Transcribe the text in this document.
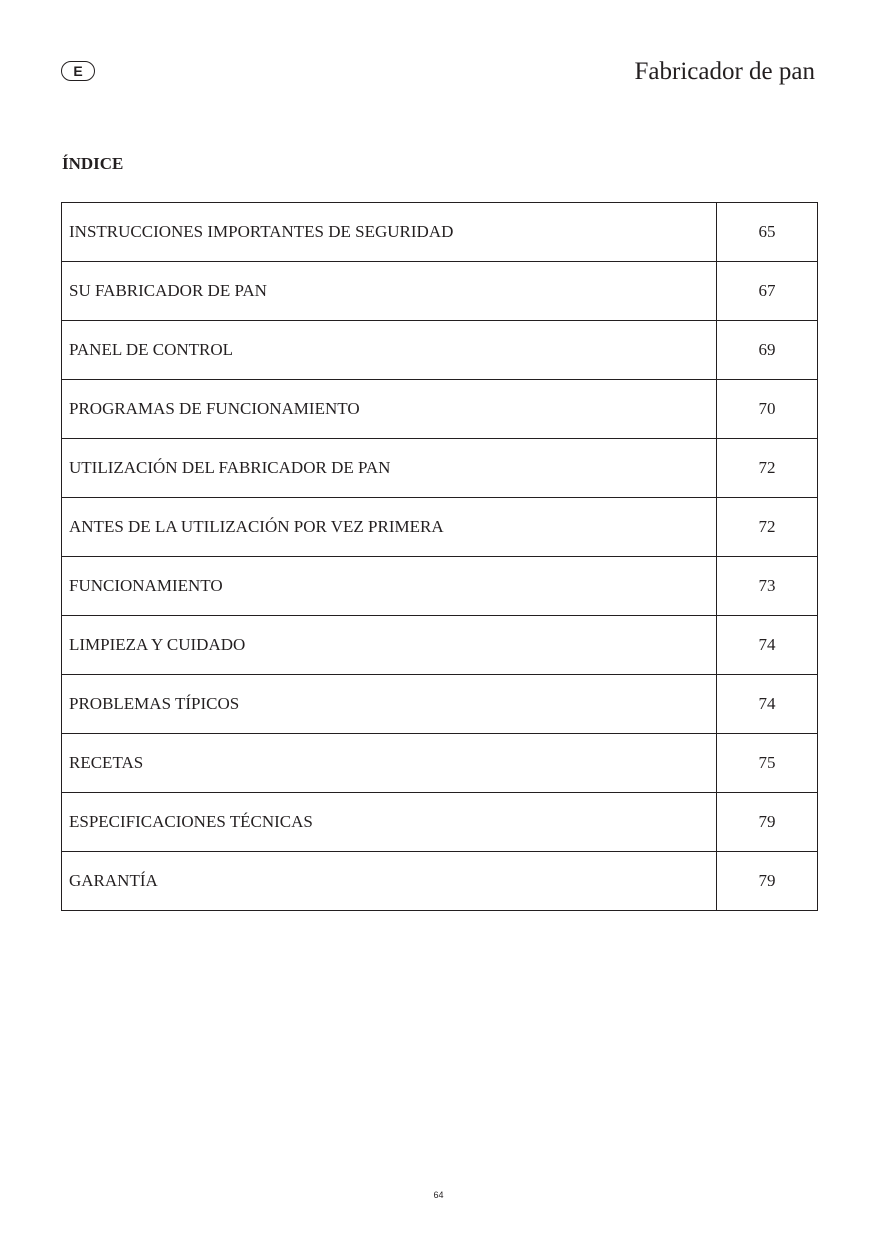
E	Fabricador de pan
ÍNDICE
INSTRUCCIONES IMPORTANTES DE SEGURIDAD	65
SU FABRICADOR DE PAN	67
PANEL DE CONTROL	69
PROGRAMAS DE FUNCIONAMIENTO	70
UTILIZACIÓN DEL FABRICADOR DE PAN	72
ANTES DE LA UTILIZACIÓN POR VEZ PRIMERA	72
FUNCIONAMIENTO	73
LIMPIEZA Y CUIDADO	74
PROBLEMAS TÍPICOS	74
RECETAS	75
ESPECIFICACIONES TÉCNICAS	79
GARANTÍA	79
64
